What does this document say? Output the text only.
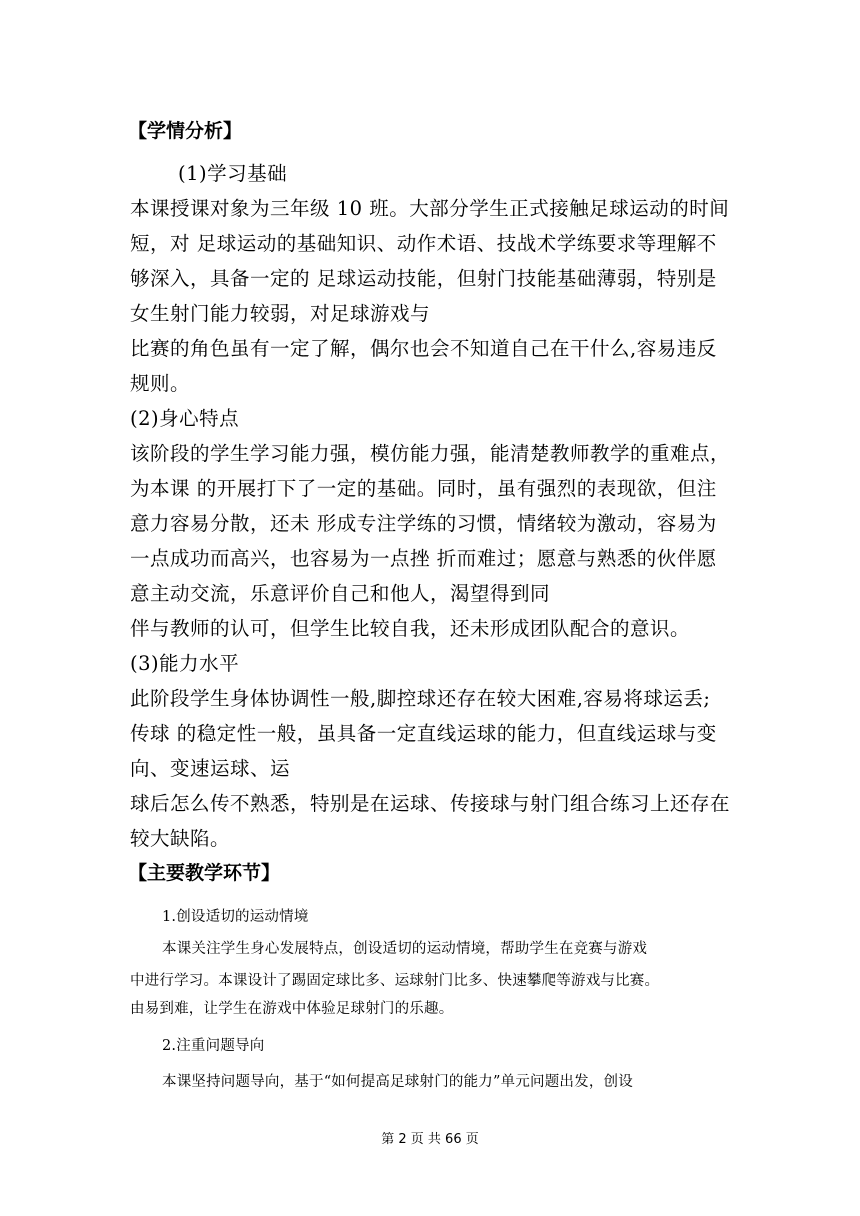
【学情分析】
(1)学习基础
本课授课对象为三年级 10 班。大部分学生正式接触足球运动的时间
短，对 足球运动的基础知识、动作术语、技战术学练要求等理解不
够深入，具备一定的 足球运动技能，但射门技能基础薄弱，特别是
女生射门能力较弱，对足球游戏与
比赛的角色虽有一定了解，偶尔也会不知道自己在干什么,容易违反
规则。
(2)身心特点
该阶段的学生学习能力强，模仿能力强，能清楚教师教学的重难点，
为本课 的开展打下了一定的基础。同时，虽有强烈的表现欲，但注
意力容易分散，还未 形成专注学练的习惯，情绪较为激动，容易为
一点成功而高兴，也容易为一点挫 折而难过；愿意与熟悉的伙伴愿
意主动交流，乐意评价自己和他人，渴望得到同
伴与教师的认可，但学生比较自我，还未形成团队配合的意识。
(3)能力水平
此阶段学生身体协调性一般,脚控球还存在较大困难,容易将球运丢;
传球 的稳定性一般，虽具备一定直线运球的能力，但直线运球与变
向、变速运球、运
球后怎么传不熟悉，特别是在运球、传接球与射门组合练习上还存在
较大缺陷。
【主要教学环节】
1.创设适切的运动情境
本课关注学生身心发展特点，创设适切的运动情境，帮助学生在竞赛与游戏
中进行学习。本课设计了踢固定球比多、运球射门比多、快速攀爬等游戏与比赛。
由易到难，让学生在游戏中体验足球射门的乐趣。
2.注重问题导向
本课坚持问题导向，基于“如何提高足球射门的能力”单元问题出发，创设
第 2 页 共 66 页
